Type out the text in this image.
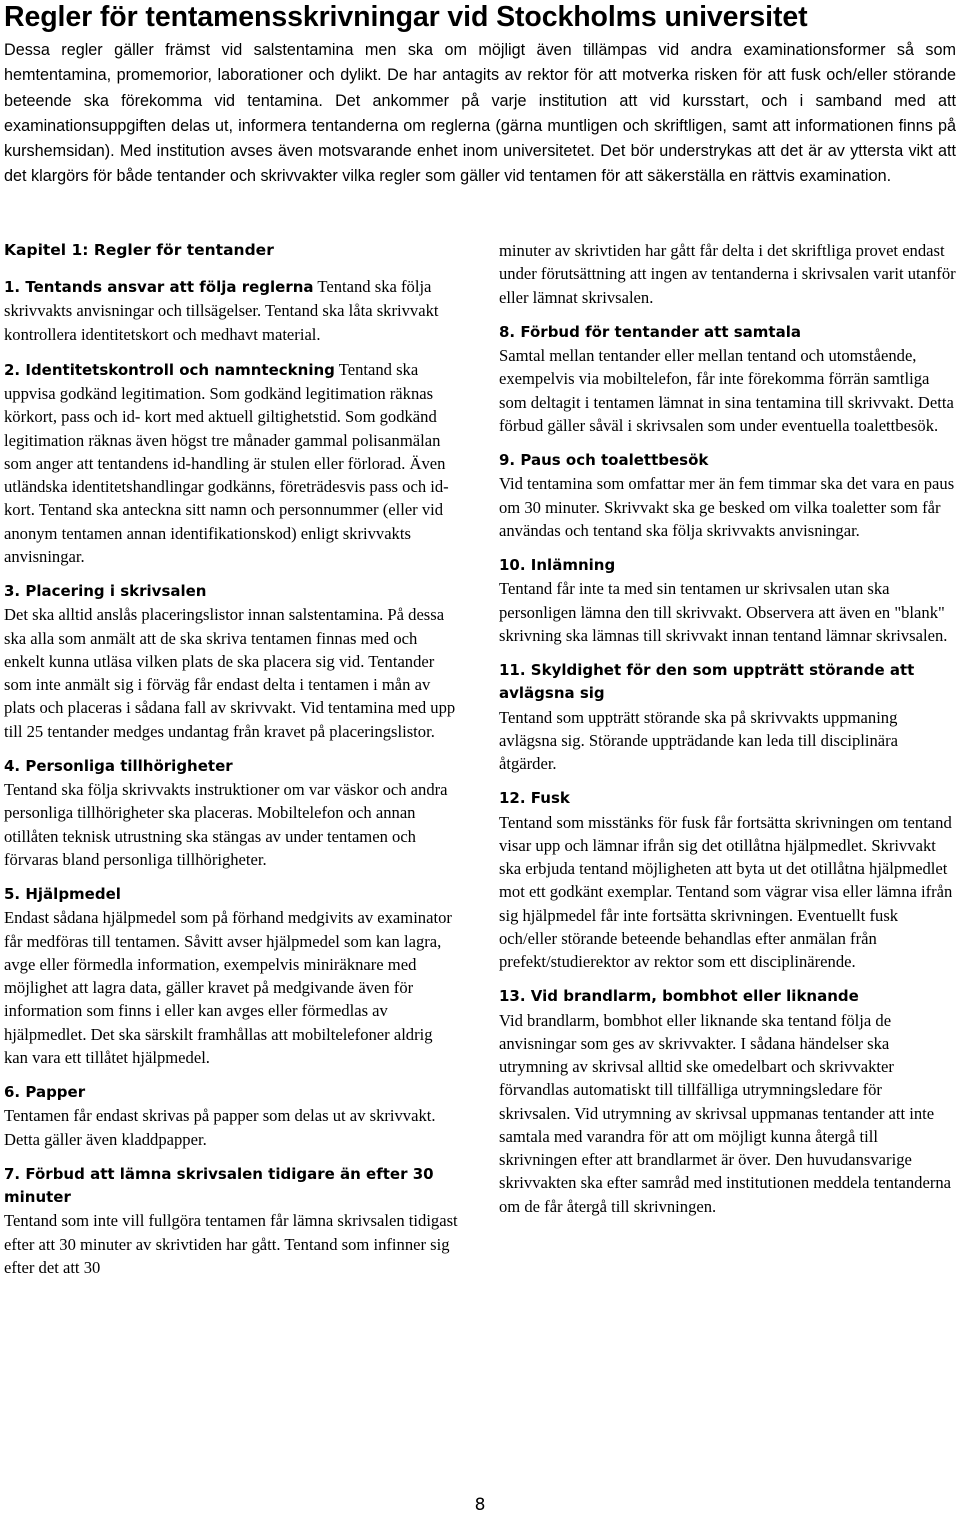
Regler för tentamensskrivningar vid Stockholms universitet

Dessa regler gäller främst vid salstentamina men ska om möjligt även tillämpas vid andra examinationsformer så som hemtentamina, promemorior, laborationer och dylikt. De har antagits av rektor för att motverka risken för att fusk och/eller störande beteende ska förekomma vid tentamina. Det ankommer på varje institution att vid kursstart, och i samband med att examinationsuppgiften delas ut, informera tentanderna om reglerna (gärna muntligen och skriftligen, samt att informationen finns på kurshemsidan). Med institution avses även motsvarande enhet inom universitetet. Det bör understrykas att det är av yttersta vikt att det klargörs för både tentander och skrivvakter vilka regler som gäller vid tentamen för att säkerställa en rättvis examination.

Kapitel 1: Regler för tentander

1. Tentands ansvar att följa reglerna Tentand ska följa skrivvakts anvisningar och tillsägelser. Tentand ska låta skrivvakt kontrollera identitetskort och medhavt material.

2. Identitetskontroll och namnteckning Tentand ska uppvisa godkänd legitimation. Som godkänd legitimation räknas körkort, pass och id- kort med aktuell giltighetstid. Som godkänd legitimation räknas även högst tre månader gammal polisanmälan som anger att tentandens id-handling är stulen eller förlorad. Även utländska identitetshandlingar godkänns, företrädesvis pass och id-kort. Tentand ska anteckna sitt namn och personnummer (eller vid anonym tentamen annan identifikationskod) enligt skrivvakts anvisningar.

3. Placering i skrivsalen

Det ska alltid anslås placeringslistor innan salstentamina. På dessa ska alla som anmält att de ska skriva tentamen finnas med och enkelt kunna utläsa vilken plats de ska placera sig vid. Tentander som inte anmält sig i förväg får endast delta i tentamen i mån av plats och placeras i sådana fall av skrivvakt. Vid tentamina med upp till 25 tentander medges undantag från kravet på placeringslistor.

4. Personliga tillhörigheter

Tentand ska följa skrivvakts instruktioner om var väskor och andra personliga tillhörigheter ska placeras. Mobiltelefon och annan otillåten teknisk utrustning ska stängas av under tentamen och förvaras bland personliga tillhörigheter.

5. Hjälpmedel

Endast sådana hjälpmedel som på förhand medgivits av examinator får medföras till tentamen. Såvitt avser hjälpmedel som kan lagra, avge eller förmedla information, exempelvis miniräknare med möjlighet att lagra data, gäller kravet på medgivande även för information som finns i eller kan avges eller förmedlas av hjälpmedlet. Det ska särskilt framhållas att mobiltelefoner aldrig kan vara ett tillåtet hjälpmedel.

6. Papper

Tentamen får endast skrivas på papper som delas ut av skrivvakt. Detta gäller även kladdpapper.

7. Förbud att lämna skrivsalen tidigare än efter 30 minuter

Tentand som inte vill fullgöra tentamen får lämna skrivsalen tidigast efter att 30 minuter av skrivtiden har gått. Tentand som infinner sig efter det att 30

minuter av skrivtiden har gått får delta i det skriftliga provet endast under förutsättning att ingen av tentanderna i skrivsalen varit utanför eller lämnat skrivsalen.

8. Förbud för tentander att samtala

Samtal mellan tentander eller mellan tentand och utomstående, exempelvis via mobiltelefon, får inte förekomma förrän samtliga som deltagit i tentamen lämnat in sina tentamina till skrivvakt. Detta förbud gäller såväl i skrivsalen som under eventuella toalettbesök.

9. Paus och toalettbesök

Vid tentamina som omfattar mer än fem timmar ska det vara en paus om 30 minuter. Skrivvakt ska ge besked om vilka toaletter som får användas och tentand ska följa skrivvakts anvisningar.

10. Inlämning

Tentand får inte ta med sin tentamen ur skrivsalen utan ska personligen lämna den till skrivvakt. Observera att även en "blank" skrivning ska lämnas till skrivvakt innan tentand lämnar skrivsalen.

11. Skyldighet för den som uppträtt störande att avlägsna sig

Tentand som uppträtt störande ska på skrivvakts uppmaning avlägsna sig. Störande uppträdande kan leda till disciplinära åtgärder.

12. Fusk

Tentand som misstänks för fusk får fortsätta skrivningen om tentand visar upp och lämnar ifrån sig det otillåtna hjälpmedlet. Skrivvakt ska erbjuda tentand möjligheten att byta ut det otillåtna hjälpmedlet mot ett godkänt exemplar. Tentand som vägrar visa eller lämna ifrån sig hjälpmedel får inte fortsätta skrivningen. Eventuellt fusk och/eller störande beteende behandlas efter anmälan från prefekt/studierektor av rektor som ett disciplinärende.

13. Vid brandlarm, bombhot eller liknande

Vid brandlarm, bombhot eller liknande ska tentand följa de anvisningar som ges av skrivvakter. I sådana händelser ska utrymning av skrivsal alltid ske omedelbart och skrivvakter förvandlas automatiskt till tillfälliga utrymningsledare för skrivsalen. Vid utrymning av skrivsal uppmanas tentander att inte samtala med varandra för att om möjligt kunna återgå till skrivningen efter att brandlarmet är över. Den huvudansvarige skrivvakten ska efter samråd med institutionen meddela tentanderna om de får återgå till skrivningen.

8
